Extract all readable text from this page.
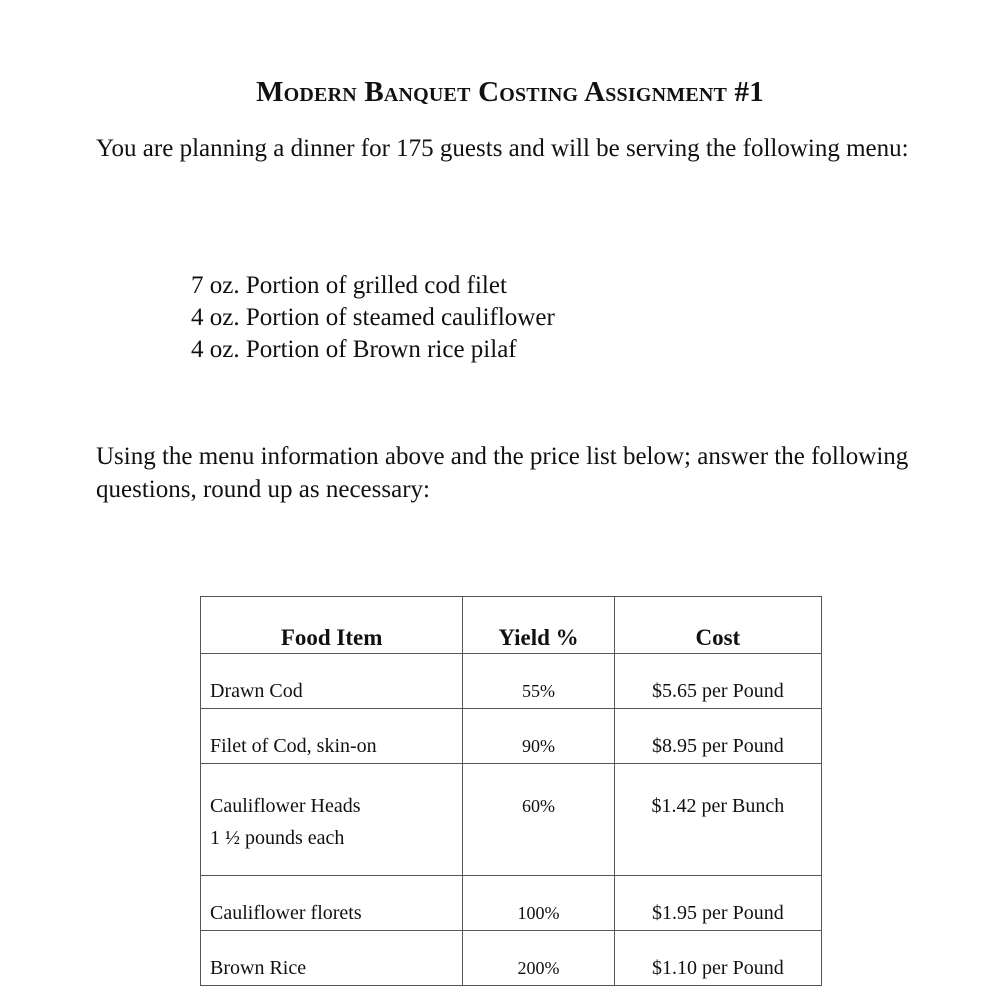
Modern Banquet Costing Assignment #1

You are planning a dinner for 175 guests and will be serving the following menu:

7 oz. Portion of grilled cod filet
4 oz. Portion of steamed cauliflower
4 oz. Portion of Brown rice pilaf

Using the menu information above and the price list below; answer the following questions, round up as necessary:

Food Item	Yield %	Cost
Drawn Cod	55%	$5.65 per Pound
Filet of Cod, skin-on	90%	$8.95 per Pound

Cauliflower Heads
1 ½ pounds each	60%	$1.42 per Bunch
Cauliflower florets	100%	$1.95 per Pound
Brown Rice	200%	$1.10 per Pound
